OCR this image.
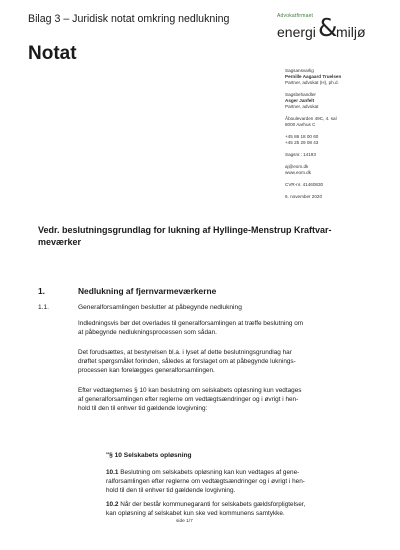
Bilag 3 – Juridisk notat omkring nedlukning	Advokatfirmaet
energi &
miljø
Notat
Sagsansvarlig
Pernille Aagaard Truelsen
Partner, advokat (H), ph.d.
Sagsbehandler
Asger Janfelt
Partner, advokat
Åboulevarden 49C, 4. sal
8000 Aarhus C
+45 86 18 00 60
+45 25 29 08 43
Sagsnr.: 14193
aj@eom.dk
www.eom.dk
CVR-nr. 41460830
6. november 2020
Vedr. beslutningsgrundlag for lukning af Hyllinge-Menstrup Kraftvar-
meværker
1.	Nedlukning af fjernvarmeværkerne
1.1.	Generalforsamlingen beslutter at påbegynde nedlukning
Indledningsvis bør det overlades til generalforsamlingen at træffe beslutning om
at påbegynde nedlukningsprocessen som sådan.
Det forudsættes, at bestyrelsen bl.a. i lyset af dette beslutningsgrundlag har
drøftet spørgsmålet forinden, således at forslaget om at påbegynde luknings-
processen kan forelægges generalforsamlingen.
Efter vedtægternes § 10 kan beslutning om selskabets opløsning kun vedtages
af generalforsamlingen efter reglerne om vedtægtsændringer og i øvrigt i hen-
hold til den til enhver tid gældende lovgivning:
"§ 10 Selskabets opløsning
10.1 Beslutning om selskabets opløsning kan kun vedtages af gene-
ralforsamlingen efter reglerne om vedtægtsændringer og i øvrigt i hen-
hold til den til enhver tid gældende lovgivning.
10.2 Når der består kommunegaranti for selskabets gældsforpligtelser,
kan opløsning af selskabet kun ske ved kommunens samtykke.
side 1/7
